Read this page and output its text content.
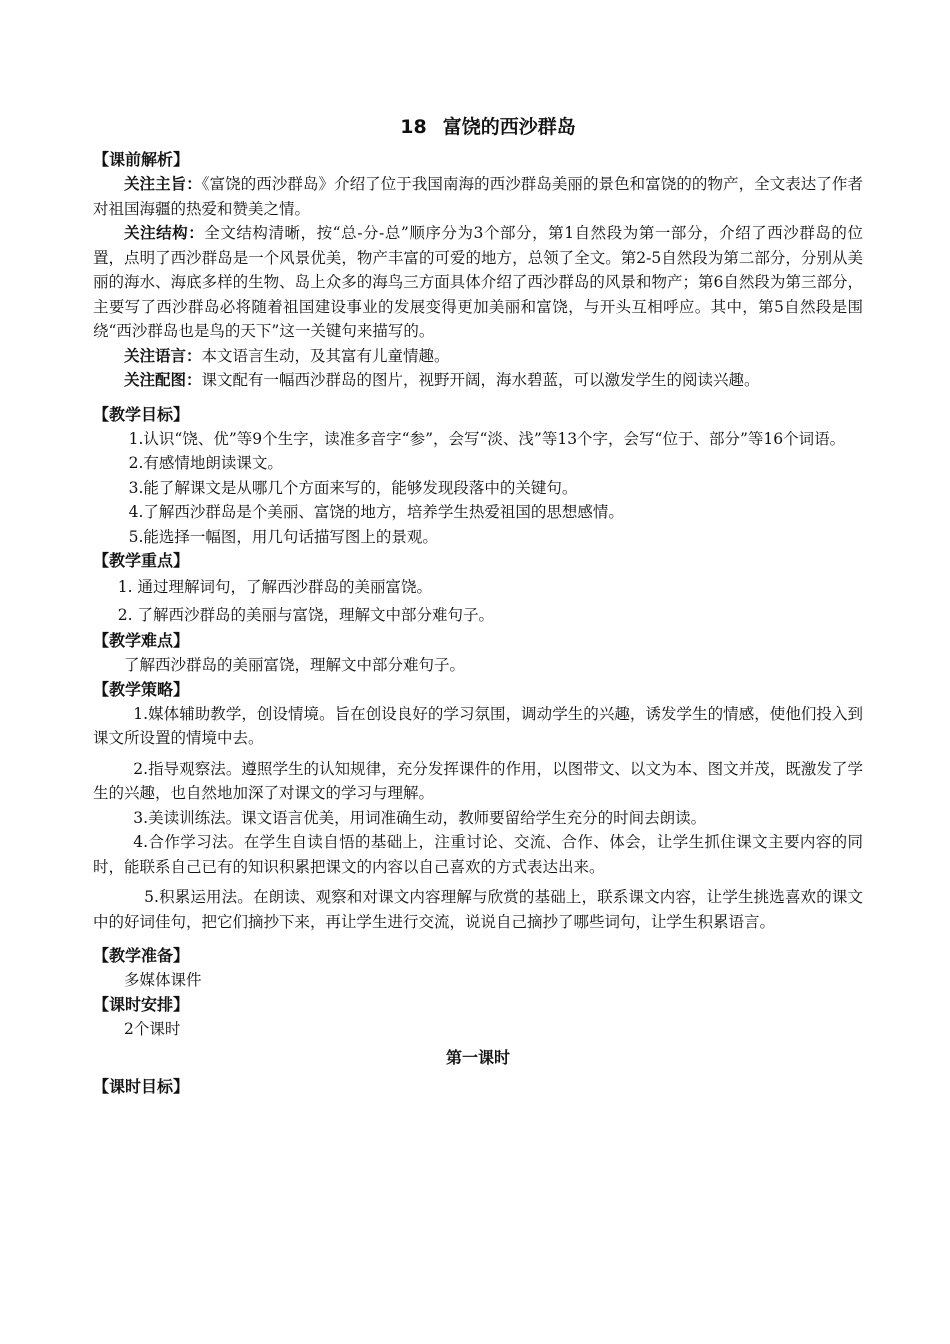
18 富饶的西沙群岛
【课前解析】

关注主旨：《富饶的西沙群岛》介绍了位于我国南海的西沙群岛美丽的景色和富饶的的物产，全文表达了作者对祖国海疆的热爱和赞美之情。

关注结构：全文结构清晰，按“总-分-总”顺序分为3个部分，第1自然段为第一部分，介绍了西沙群岛的位置，点明了西沙群岛是一个风景优美，物产丰富的可爱的地方，总领了全文。第2-5自然段为第二部分，分别从美丽的海水、海底多样的生物、岛上众多的海鸟三方面具体介绍了西沙群岛的风景和物产；第6自然段为第三部分，主要写了西沙群岛必将随着祖国建设事业的发展变得更加美丽和富饶，与开头互相呼应。其中，第5自然段是围绕“西沙群岛也是鸟的天下”这一关键句来描写的。

关注语言：本文语言生动，及其富有儿童情趣。

关注配图：课文配有一幅西沙群岛的图片，视野开阔，海水碧蓝，可以激发学生的阅读兴趣。

【教学目标】

1.认识“饶、优”等9个生字，读准多音字“参”，会写“淡、浅”等13个字，会写“位于、部分”等16个词语。

2.有感情地朗读课文。

3.能了解课文是从哪几个方面来写的，能够发现段落中的关键句。

4.了解西沙群岛是个美丽、富饶的地方，培养学生热爱祖国的思想感情。

5.能选择一幅图，用几句话描写图上的景观。

【教学重点】

1. 通过理解词句，了解西沙群岛的美丽富饶。

2. 了解西沙群岛的美丽与富饶，理解文中部分难句子。

【教学难点】

了解西沙群岛的美丽富饶，理解文中部分难句子。

【教学策略】

1.媒体辅助教学，创设情境。旨在创设良好的学习氛围，调动学生的兴趣，诱发学生的情感，使他们投入到课文所设置的情境中去。

2.指导观察法。遵照学生的认知规律，充分发挥课件的作用，以图带文、以文为本、图文并茂，既激发了学生的兴趣，也自然地加深了对课文的学习与理解。

3.美读训练法。课文语言优美，用词准确生动，教师要留给学生充分的时间去朗读。

4.合作学习法。在学生自读自悟的基础上，注重讨论、交流、合作、体会，让学生抓住课文主要内容的同时，能联系自己已有的知识积累把课文的内容以自己喜欢的方式表达出来。

5.积累运用法。在朗读、观察和对课文内容理解与欣赏的基础上，联系课文内容，让学生挑选喜欢的课文中的好词佳句，把它们摘抄下来，再让学生进行交流，说说自己摘抄了哪些词句，让学生积累语言。

【教学准备】

多媒体课件

【课时安排】

2个课时

第一课时
【课时目标】
